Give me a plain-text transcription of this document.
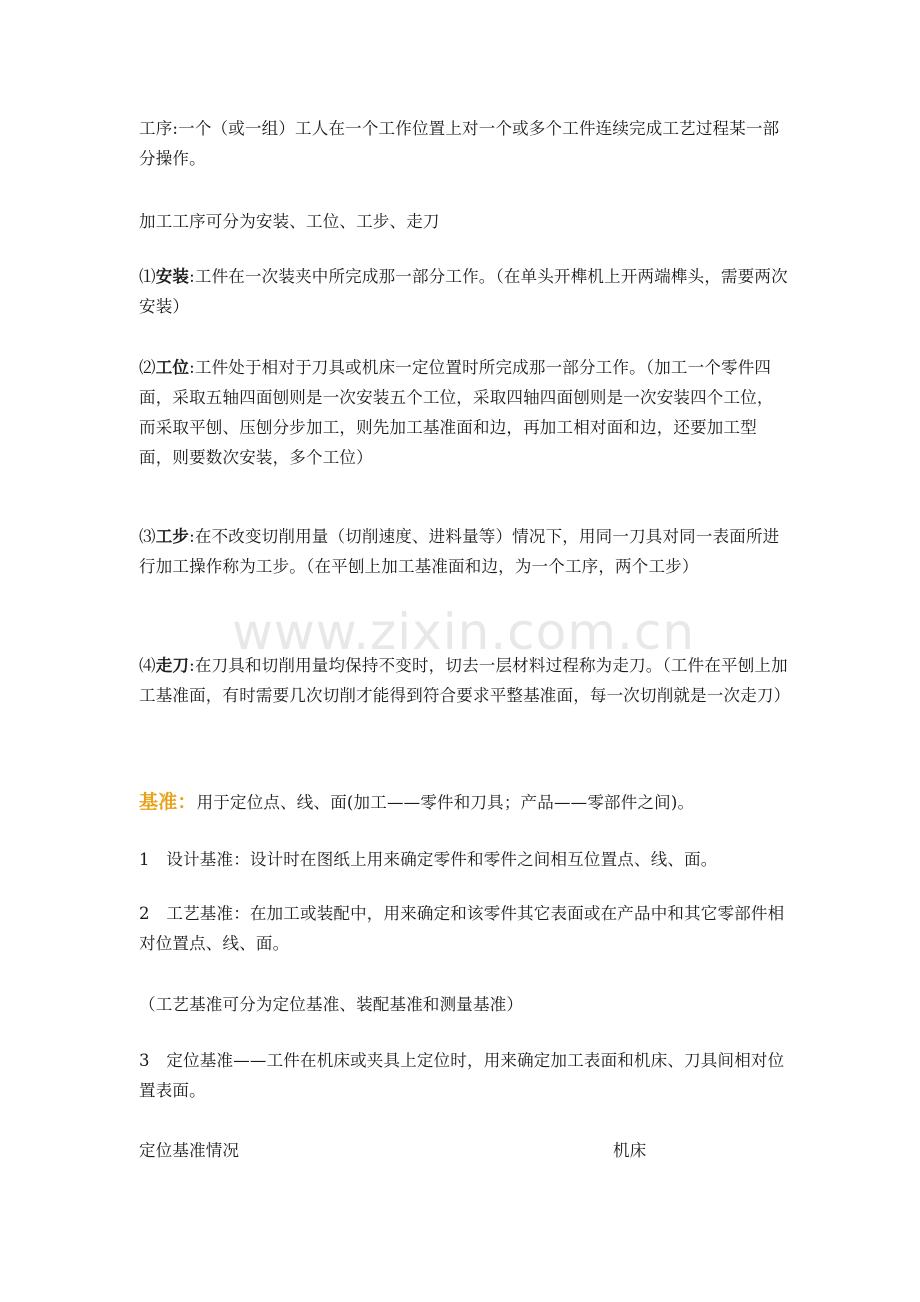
工序:一个（或一组）工人在一个工作位置上对一个或多个工件连续完成工艺过程某一部分操作。

加工工序可分为安装、工位、工步、走刀

⑴安装:工件在一次装夹中所完成那一部分工作。（在单头开榫机上开两端榫头，需要两次安装）

⑵工位:工件处于相对于刀具或机床一定位置时所完成那一部分工作。（加工一个零件四面，采取五轴四面刨则是一次安装五个工位，采取四轴四面刨则是一次安装四个工位，而采取平刨、压刨分步加工，则先加工基准面和边，再加工相对面和边，还要加工型面，则要数次安装，多个工位）

⑶工步:在不改变切削用量（切削速度、进料量等）情况下，用同一刀具对同一表面所进行加工操作称为工步。（在平刨上加工基准面和边，为一个工序，两个工步）

⑷走刀:在刀具和切削用量均保持不变时，切去一层材料过程称为走刀。（工件在平刨上加工基准面，有时需要几次切削才能得到符合要求平整基准面，每一次切削就是一次走刀）

基准：用于定位点、线、面(加工——零件和刀具；产品——零部件之间)。

1　设计基准：设计时在图纸上用来确定零件和零件之间相互位置点、线、面。

2　工艺基准：在加工或装配中，用来确定和该零件其它表面或在产品中和其它零部件相对位置点、线、面。

（工艺基准可分为定位基准、装配基准和测量基准）

3　定位基准——工件在机床或夹具上定位时，用来确定加工表面和机床、刀具间相对位置表面。

定位基准情况	机床

www.zixin.com.cn
